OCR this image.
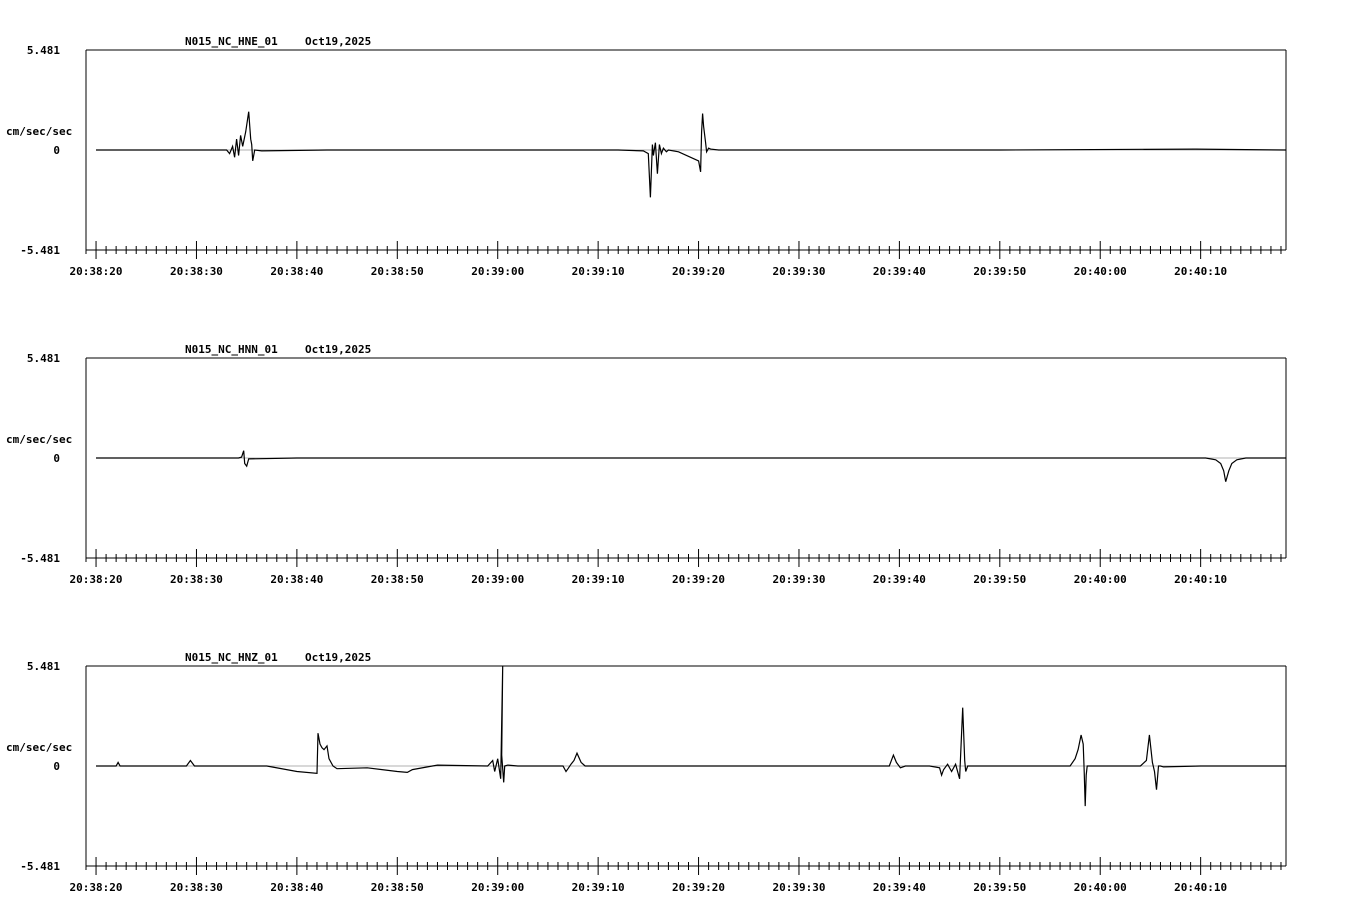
5.481
0
-5.481
cm/sec/sec
N015_NC_HNE_01 Oct19,2025
20:38:20	20:38:30	20:38:40	20:38:50	20:39:00	20:39:10	20:39:20	20:39:30	20:39:40	20:39:50	20:40:00	20:40:10
5.481
0
-5.481
cm/sec/sec
N015_NC_HNN_01 Oct19,2025
20:38:20	20:38:30	20:38:40	20:38:50	20:39:00	20:39:10	20:39:20	20:39:30	20:39:40	20:39:50	20:40:00	20:40:10
5.481
0
-5.481
cm/sec/sec
N015_NC_HNZ_01 Oct19,2025
20:38:20	20:38:30	20:38:40	20:38:50	20:39:00	20:39:10	20:39:20	20:39:30	20:39:40	20:39:50	20:40:00	20:40:10
